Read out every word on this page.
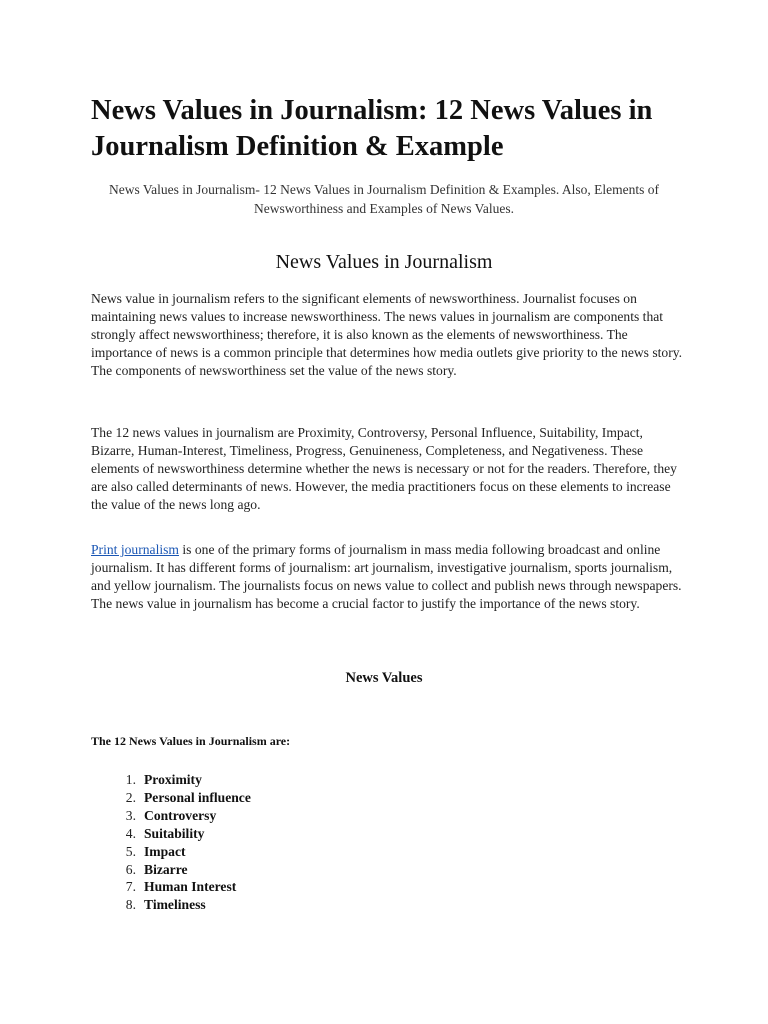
News Values in Journalism: 12 News Values in Journalism Definition & Example

News Values in Journalism- 12 News Values in Journalism Definition & Examples. Also, Elements of Newsworthiness and Examples of News Values.

News Values in Journalism

News value in journalism refers to the significant elements of newsworthiness. Journalist focuses on maintaining news values to increase newsworthiness. The news values in journalism are components that strongly affect newsworthiness; therefore, it is also known as the elements of newsworthiness. The importance of news is a common principle that determines how media outlets give priority to the news story. The components of newsworthiness set the value of the news story.

The 12 news values in journalism are Proximity, Controversy, Personal Influence, Suitability, Impact, Bizarre, Human-Interest, Timeliness, Progress, Genuineness, Completeness, and Negativeness. These elements of newsworthiness determine whether the news is necessary or not for the readers. Therefore, they are also called determinants of news. However, the media practitioners focus on these elements to increase the value of the news long ago.

Print journalism is one of the primary forms of journalism in mass media following broadcast and online journalism. It has different forms of journalism: art journalism, investigative journalism, sports journalism, and yellow journalism. The journalists focus on news value to collect and publish news through newspapers. The news value in journalism has become a crucial factor to justify the importance of the news story.

News Values

The 12 News Values in Journalism are:

1. Proximity
2. Personal influence
3. Controversy
4. Suitability
5. Impact
6. Bizarre
7. Human Interest
8. Timeliness
